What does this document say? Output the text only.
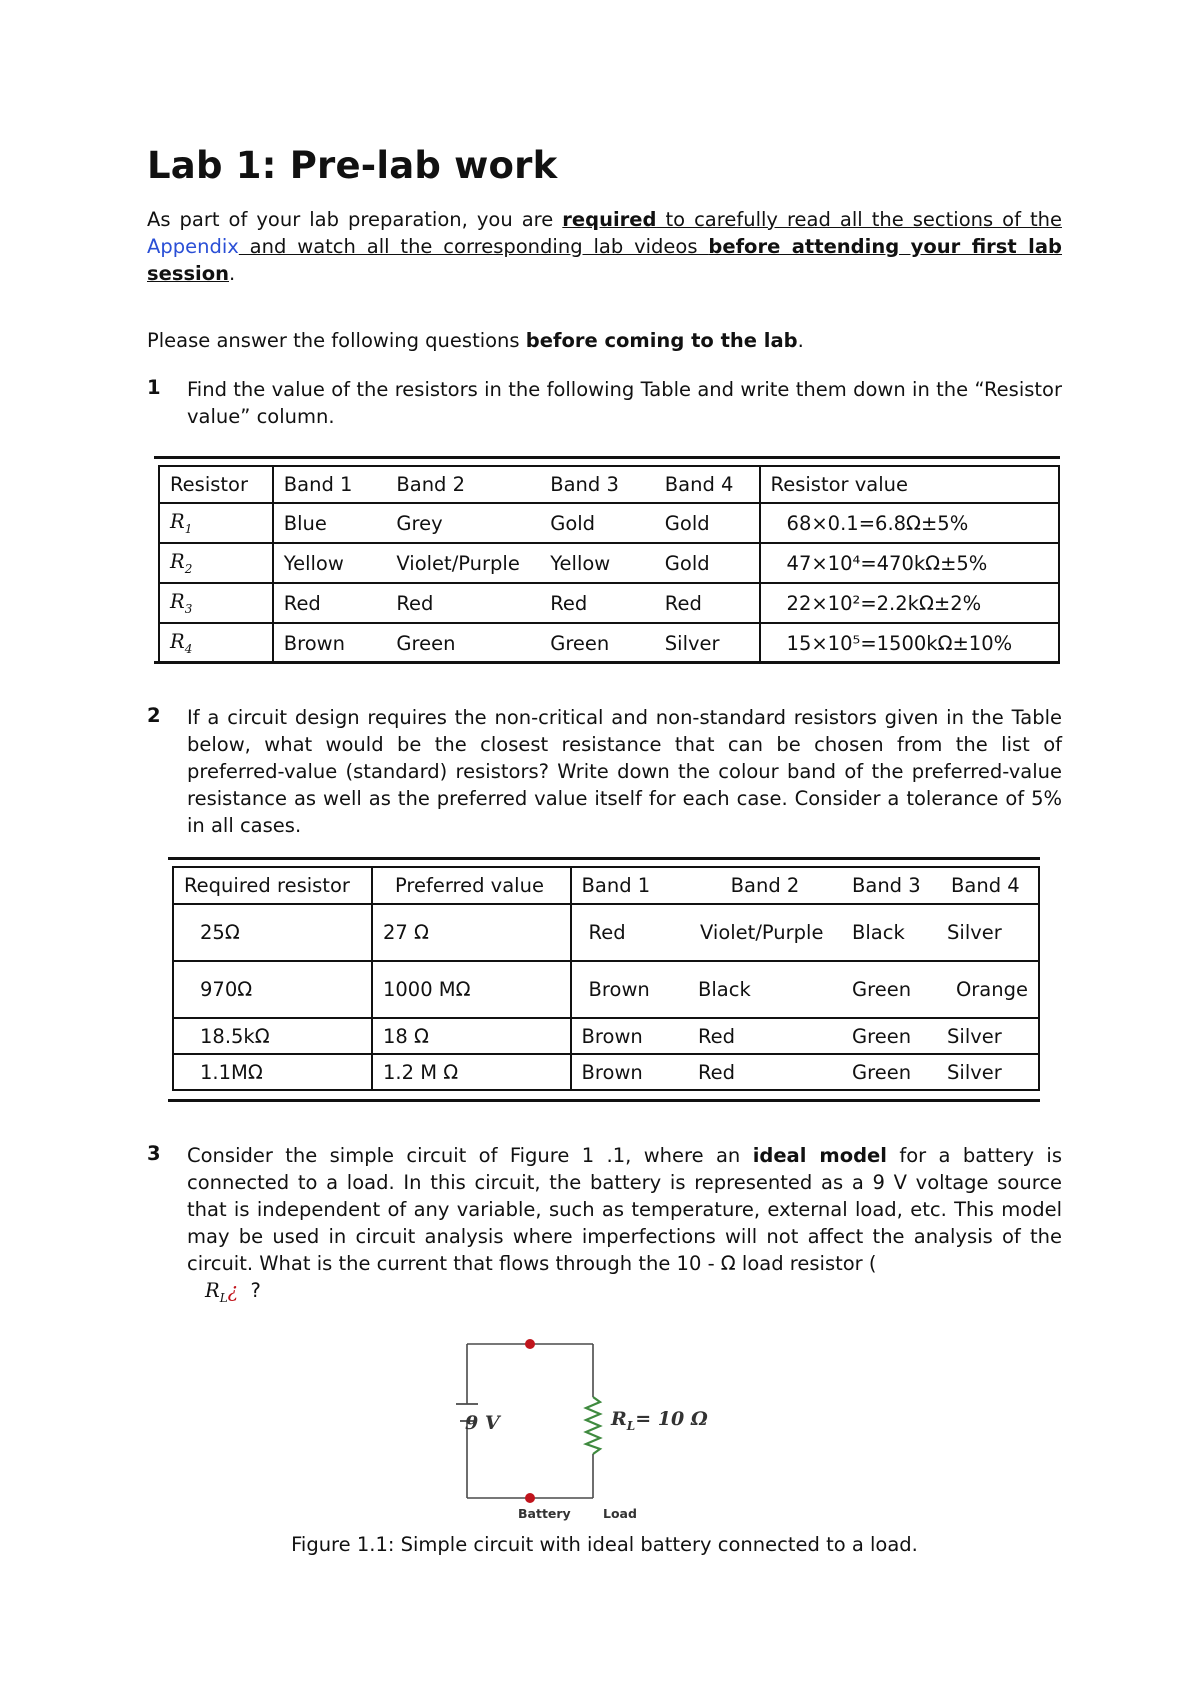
Lab 1: Pre-lab work

As part of your lab preparation, you are required to carefully read all the sections of the Appendix and watch all the corresponding lab videos before attending your first lab session.

Please answer the following questions before coming to the lab.

1 Find the value of the resistors in the following Table and write them down in the “Resistor value” column.
Resistor	Band 1	Band 2	Band 3	Band 4	Resistor value
$R_1$	Blue	Grey	Gold	Gold	68×0.1=6.8Ω±5%
$R_2$	Yellow	Violet/Purple	Yellow	Gold	47×10⁴=470kΩ±5%
$R_3$	Red	Red	Red	Red	22×10²=2.2kΩ±2%
$R_4$	Brown	Green	Green	Silver	15×10⁵=1500kΩ±10%
2 If a circuit design requires the non-critical and non-standard resistors given in the Table below, what would be the closest resistance that can be chosen from the list of preferred-value (standard) resistors? Write down the colour band of the preferred-value resistance as well as the preferred value itself for each case. Consider a tolerance of 5% in all cases.
Required resistor	Preferred value	Band 1	Band 2	Band 3	Band 4
25Ω	27 Ω	Red	Violet/Purple	Black	Silver
970Ω	1000 MΩ	Brown	Black	Green	Orange
18.5kΩ	18 Ω	Brown	Red	Green	Silver
1.1MΩ	1.2 M Ω	Brown	Red	Green	Silver
3 Consider the simple circuit of Figure 1 .1, where an ideal model for a battery is connected to a load. In this circuit, the battery is represented as a 9 V voltage source that is independent of any variable, such as temperature, external load, etc. This model may be used in circuit analysis where imperfections will not affect the analysis of the circuit. What is the current that flows through the 10 - Ω load resistor (
$R_L¿$ ?
9 V	$R_L= 10$ Ω
Battery	Load
Figure 1.1: Simple circuit with ideal battery connected to a load.
